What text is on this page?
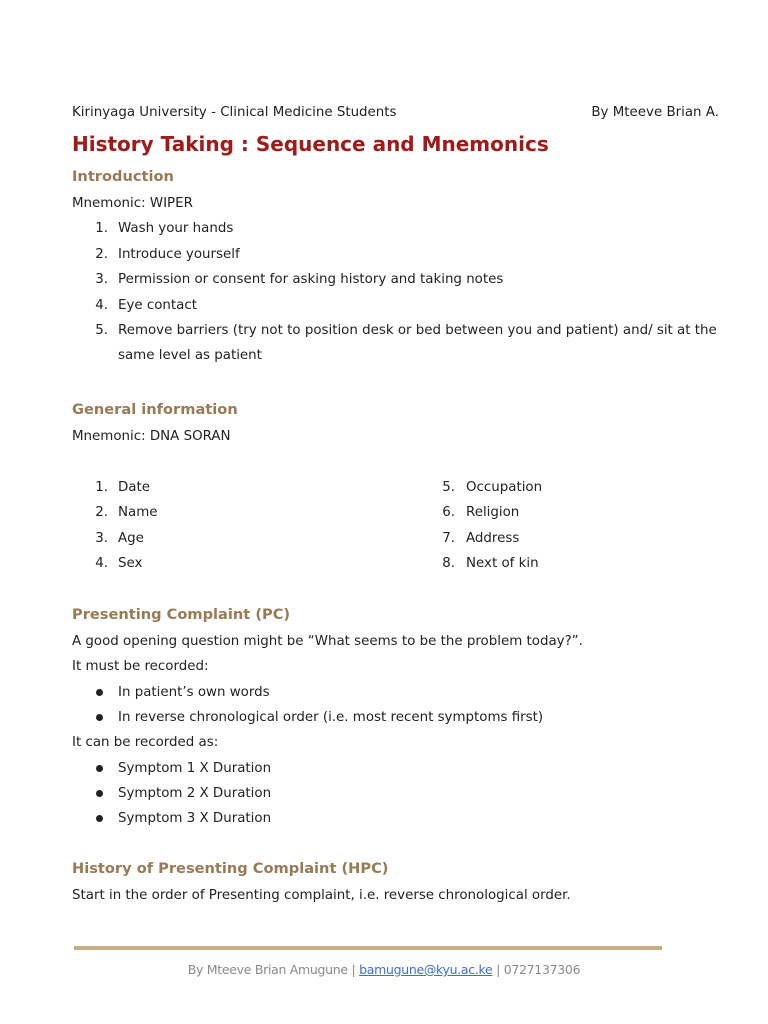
Kirinyaga University - Clinical Medicine Students	By Mteeve Brian A.
History Taking : Sequence and Mnemonics
Introduction
Mnemonic: WIPER
1. Wash your hands
2. Introduce yourself
3. Permission or consent for asking history and taking notes
4. Eye contact
5. Remove barriers (try not to position desk or bed between you and patient) and/ sit at the
same level as patient
General information
Mnemonic: DNA SORAN
1. Date
2. Name
3. Age
4. Sex
5. Occupation
6. Religion
7. Address
8. Next of kin
Presenting Complaint (PC)
A good opening question might be “What seems to be the problem today?”.
It must be recorded:
In patient’s own words
In reverse chronological order (i.e. most recent symptoms first)
It can be recorded as:
Symptom 1 X Duration
Symptom 2 X Duration
Symptom 3 X Duration
History of Presenting Complaint (HPC)
Start in the order of Presenting complaint, i.e. reverse chronological order.
By Mteeve Brian Amugune | bamugune@kyu.ac.ke | 0727137306
